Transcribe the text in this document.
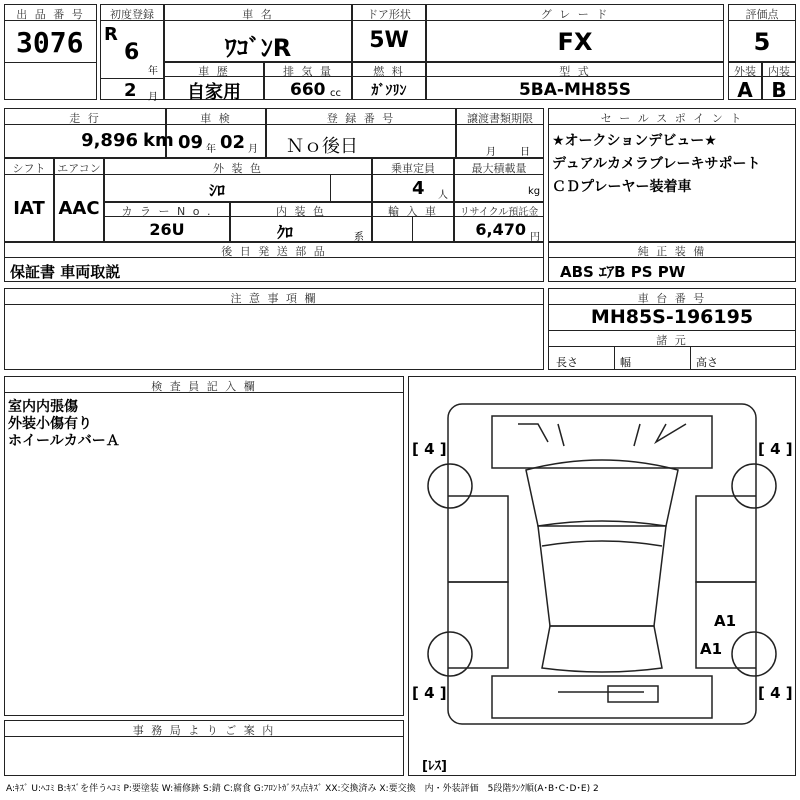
出 品 番 号
3076
初度登録
R
6
年
2 月
車 名
ﾜｺﾞﾝR
ドア形状
5W
グ レ ー ド
FX
評価点
5
車 歴
自家用
排 気 量
660 cc
燃 料
ｶﾞｿﾘﾝ
型 式
5BA-MH85S
外装	内装
A B
走 行
9,896 km
車 検
09 年 02 月
登 録 番 号
Ｎｏ後日
譲渡書類期限
月 日
セ ー ル ス ポ イ ン ト
★オークションデビュー★
デュアルカメラブレーキサポート
ＣＤプレーヤー装着車
シフト
IAT
エアコン
AAC
外 装 色
ｼﾛ
乗車定員
4 人
最大積載量
kg
カ ラ ー N o .
26U
内 装 色
ｸﾛ	系
輸 入 車	リサイクル預託金
6,470 円
後 日 発 送 部 品
保証書 車両取説
純 正 装 備
ABS ｴｱB PS PW
注 意 事 項 欄	車 台 番 号
MH85S-196195
諸 元
長さ	幅	高さ
検 査 員 記 入 欄
室内内張傷
外装小傷有り
ホイールカバーＡ
事 務 局 よ り ご 案 内
[ 4 ]	[ 4 ]
[ 4 ]	[ 4 ]
A1
A1
[ﾚｽ]
A:ｷｽﾞ U:ﾍｺﾐ B:ｷｽﾞを伴うﾍｺﾐ P:要塗装 W:補修跡 S:錆 C:腐食 G:ﾌﾛﾝﾄｶﾞﾗｽ点ｷｽﾞ XX:交換済み X:要交換　内・外装評価　5段階ﾗﾝｸ順(A･B･C･D･E) 2
